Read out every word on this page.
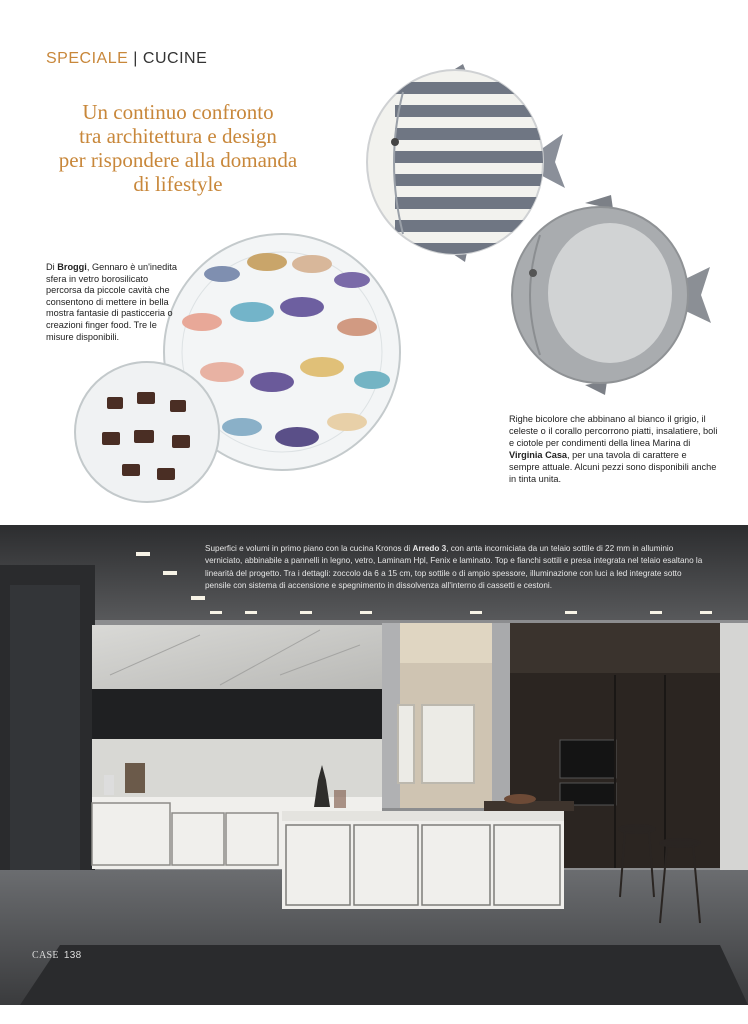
SPECIALE | CUCINE
Un continuo confronto
tra architettura e design
per rispondere alla domanda
di lifestyle
Di Broggi, Gennaro è un'inedita sfera in vetro borosilicato percorsa da piccole cavità che consentono di mettere in bella mostra fantasie di pasticceria o creazioni finger food. Tre le misure disponibili.
Righe bicolore che abbinano al bianco il grigio, il celeste o il corallo percorrono piatti, insalatiere, boli e ciotole per condimenti della linea Marina di Virginia Casa, per una tavola di carattere e sempre attuale. Alcuni pezzi sono disponibili anche in tinta unita.
Superfici e volumi in primo piano con la cucina Kronos di Arredo 3, con anta incorniciata da un telaio sottile di 22 mm in alluminio verniciato, abbinabile a pannelli in legno, vetro, Laminam Hpl, Fenix e laminato. Top e fianchi sottili e presa integrata nel telaio esaltano la linearità del progetto. Tra i dettagli: zoccolo da 6 a 15 cm, top sottile o di ampio spessore, illuminazione con luci a led integrate sotto pensile con sistema di accensione e spegnimento in dissolvenza all'interno di cassetti e cestoni.
CASE 138
